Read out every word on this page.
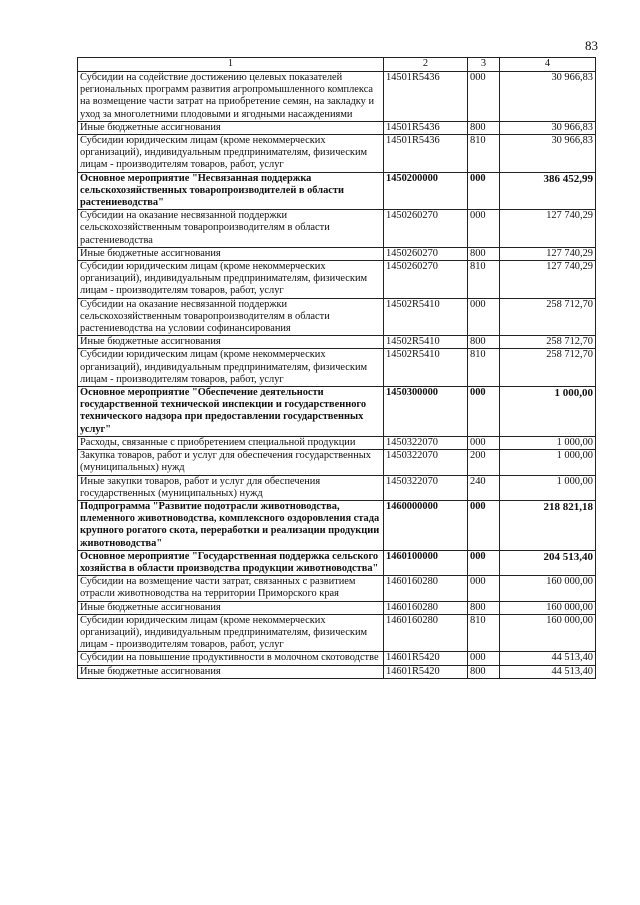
83
1	2	3	4
Субсидии на содействие достижению целевых показателей региональных программ развития агропромышленного комплекса на возмещение части затрат на приобретение семян, на закладку и уход за многолетними плодовыми и ягодными насаждениями	14501R5436	000	30 966,83
Иные бюджетные ассигнования	14501R5436	800	30 966,83
Субсидии юридическим лицам (кроме некоммерческих организаций), индивидуальным предпринимателям, физическим лицам - производителям товаров, работ, услуг	14501R5436	810	30 966,83
Основное мероприятие "Несвязанная поддержка сельскохозяйственных товаропроизводителей в области растениеводства"	1450200000	000	386 452,99
Субсидии на оказание несвязанной поддержки сельскохозяйственным товаропроизводителям в области растениеводства	1450260270	000	127 740,29
Иные бюджетные ассигнования	1450260270	800	127 740,29
Субсидии юридическим лицам (кроме некоммерческих организаций), индивидуальным предпринимателям, физическим лицам - производителям товаров, работ, услуг	1450260270	810	127 740,29
Субсидии на оказание несвязанной поддержки сельскохозяйственным товаропроизводителям в области растениеводства на условии софинансирования	14502R5410	000	258 712,70
Иные бюджетные ассигнования	14502R5410	800	258 712,70
Субсидии юридическим лицам (кроме некоммерческих организаций), индивидуальным предпринимателям, физическим лицам - производителям товаров, работ, услуг	14502R5410	810	258 712,70
Основное мероприятие "Обеспечение деятельности государственной технической инспекции и государственного технического надзора при предоставлении государственных услуг"	1450300000	000	1 000,00
Расходы, связанные с приобретением специальной продукции	1450322070	000	1 000,00
Закупка товаров, работ и услуг для обеспечения государственных (муниципальных) нужд	1450322070	200	1 000,00
Иные закупки товаров, работ и услуг для обеспечения государственных (муниципальных) нужд	1450322070	240	1 000,00
Подпрограмма "Развитие подотрасли животноводства, племенного животноводства, комплексного оздоровления стада крупного рогатого скота, переработки и реализации продукции животноводства"	1460000000	000	218 821,18
Основное мероприятие "Государственная поддержка сельского хозяйства в области производства продукции животноводства"	1460100000	000	204 513,40
Субсидии на возмещение части затрат, связанных с развитием отрасли животноводства на территории Приморского края	1460160280	000	160 000,00
Иные бюджетные ассигнования	1460160280	800	160 000,00
Субсидии юридическим лицам (кроме некоммерческих организаций), индивидуальным предпринимателям, физическим лицам - производителям товаров, работ, услуг	1460160280	810	160 000,00
Субсидии на повышение продуктивности в молочном скотоводстве	14601R5420	000	44 513,40
Иные бюджетные ассигнования	14601R5420	800	44 513,40
